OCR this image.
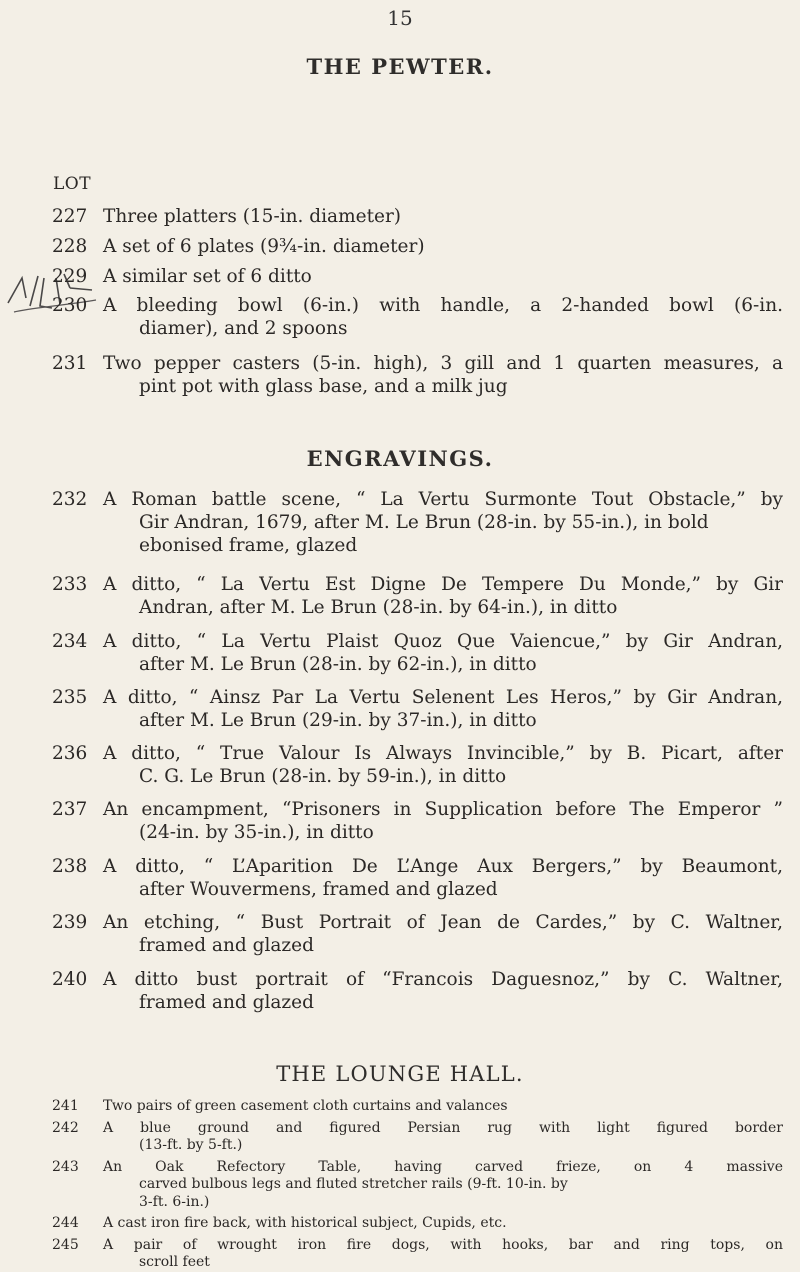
15
THE PEWTER.
LOT
227 Three platters (15-in. diameter)
228 A set of 6 plates (9¾-in. diameter)
229 A similar set of 6 ditto
230 A bleeding bowl (6-in.) with handle, a 2-handed bowl (6-in.
diamer), and 2 spoons
231 Two pepper casters (5-in. high), 3 gill and 1 quarten measures, a
pint pot with glass base, and a milk jug
ENGRAVINGS.
232 A Roman battle scene, “ La Vertu Surmonte Tout Obstacle,” by
Gir Andran, 1679, after M. Le Brun (28-in. by 55-in.), in bold
ebonised frame, glazed
233 A ditto, “ La Vertu Est Digne De Tempere Du Monde,” by Gir
Andran, after M. Le Brun (28-in. by 64-in.), in ditto
234 A ditto, “ La Vertu Plaist Quoz Que Vaiencue,” by Gir Andran,
after M. Le Brun (28-in. by 62-in.), in ditto
235 A ditto, “ Ainsz Par La Vertu Selenent Les Heros,” by Gir Andran,
after M. Le Brun (29-in. by 37-in.), in ditto
236 A ditto, “ True Valour Is Always Invincible,” by B. Picart, after
C. G. Le Brun (28-in. by 59-in.), in ditto
237 An encampment, “Prisoners in Supplication before The Emperor ”
(24-in. by 35-in.), in ditto
238 A ditto, “ L’Aparition De L’Ange Aux Bergers,” by Beaumont,
after Wouvermens, framed and glazed
239 An etching, “ Bust Portrait of Jean de Cardes,” by C. Waltner,
framed and glazed
240 A ditto bust portrait of “Francois Daguesnoz,” by C. Waltner,
framed and glazed
THE LOUNGE HALL.
241	Two pairs of green casement cloth curtains and valances
242	A blue ground and figured Persian rug with light figured border
(13-ft. by 5-ft.)
243	An Oak Refectory Table, having carved frieze, on 4 massive
carved bulbous legs and fluted stretcher rails (9-ft. 10-in. by
3-ft. 6-in.)
244	A cast iron fire back, with historical subject, Cupids, etc.
245	A pair of wrought iron fire dogs, with hooks, bar and ring tops, on
scroll feet
